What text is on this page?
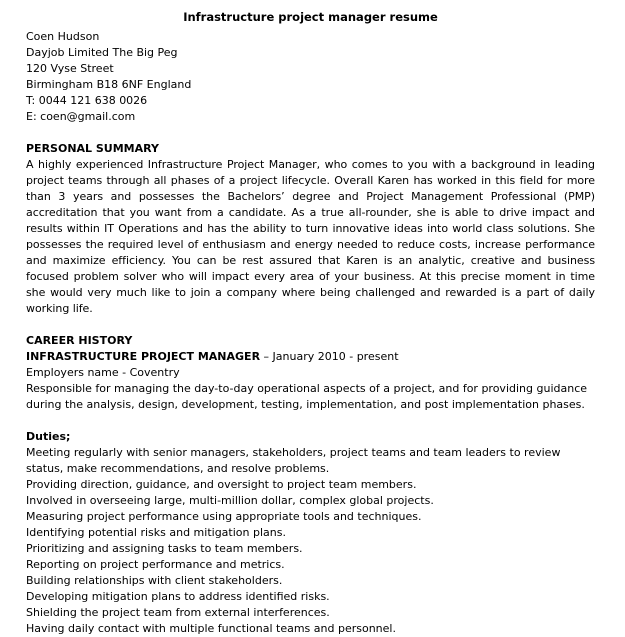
Infrastructure project manager resume
Coen Hudson
Dayjob Limited The Big Peg
120 Vyse Street
Birmingham B18 6NF England
T: 0044 121 638 0026
E: coen@gmail.com
PERSONAL SUMMARY
A highly experienced Infrastructure Project Manager, who comes to you with a background in leading project teams through all phases of a project lifecycle. Overall Karen has worked in this field for more than 3 years and possesses the Bachelors’ degree and Project Management Professional (PMP) accreditation that you want from a candidate. As a true all-rounder, she is able to drive impact and results within IT Operations and has the ability to turn innovative ideas into world class solutions. She possesses the required level of enthusiasm and energy needed to reduce costs, increase performance and maximize efficiency. You can be rest assured that Karen is an analytic, creative and business focused problem solver who will impact every area of your business. At this precise moment in time she would very much like to join a company where being challenged and rewarded is a part of daily working life.
CAREER HISTORY
INFRASTRUCTURE PROJECT MANAGER – January 2010 - present
Employers name - Coventry
Responsible for managing the day-to-day operational aspects of a project, and for providing guidance during the analysis, design, development, testing, implementation, and post implementation phases.
Duties;
Meeting regularly with senior managers, stakeholders, project teams and team leaders to review status, make recommendations, and resolve problems.
Providing direction, guidance, and oversight to project team members.
Involved in overseeing large, multi-million dollar, complex global projects.
Measuring project performance using appropriate tools and techniques.
Identifying potential risks and mitigation plans.
Prioritizing and assigning tasks to team members.
Reporting on project performance and metrics.
Building relationships with client stakeholders.
Developing mitigation plans to address identified risks.
Shielding the project team from external interferences.
Having daily contact with multiple functional teams and personnel.
